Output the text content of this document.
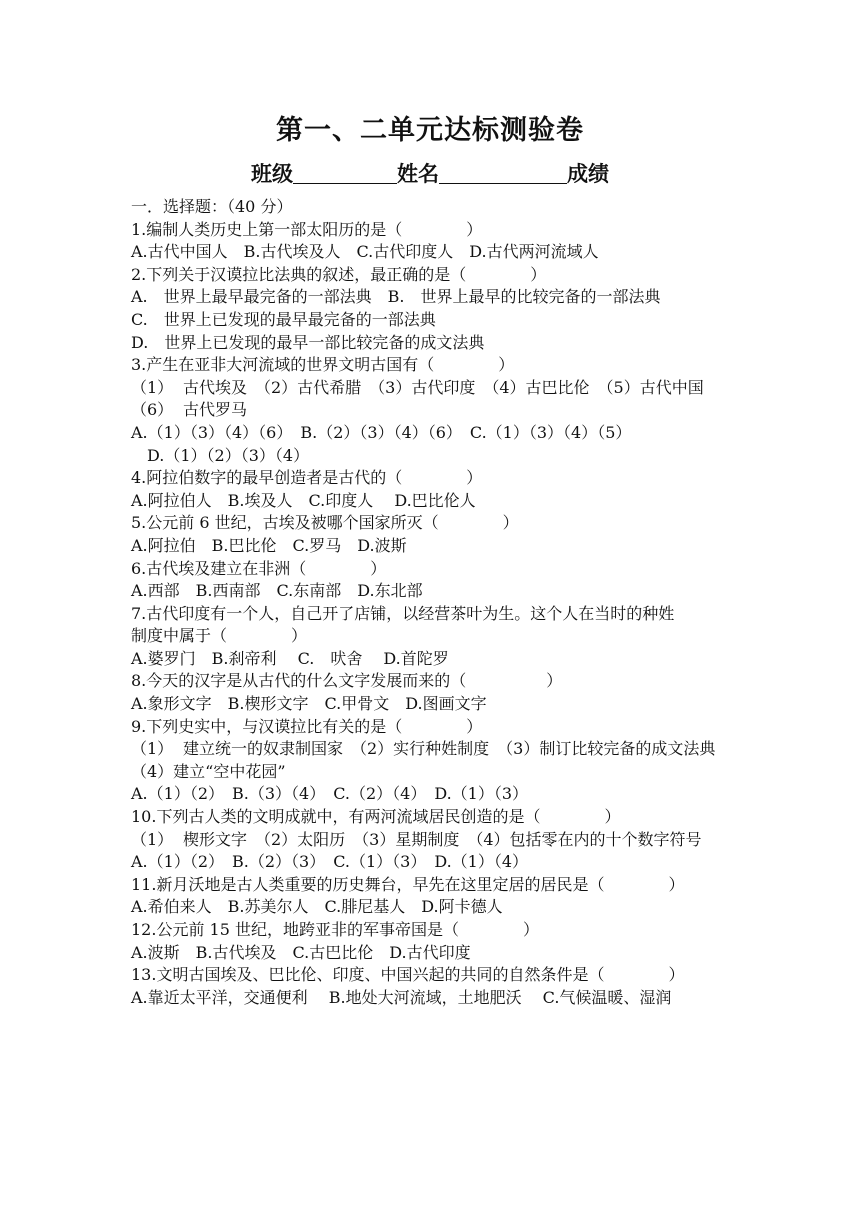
第一、二单元达标测验卷
班级	姓名	成绩
一．选择题：（40 分）
1.编制人类历史上第一部太阳历的是（　　　　）
A.古代中国人　B.古代埃及人　C.古代印度人　D.古代两河流域人
2.下列关于汉谟拉比法典的叙述，最正确的是（　　　　）
A.　世界上最早最完备的一部法典　B.　世界上最早的比较完备的一部法典
C.　世界上已发现的最早最完备的一部法典
D.　世界上已发现的最早一部比较完备的成文法典
3.产生在亚非大河流域的世界文明古国有（　　　　）
（1） 古代埃及　（2）古代希腊　（3）古代印度　（4）古巴比伦　（5）古代中国
（6） 古代罗马
A.（1）（3）（4）（6）　B.（2）（3）（4）（6）　C.（1）（3）（4）（5）
　D.（1）（2）（3）（4）
4.阿拉伯数字的最早创造者是古代的（　　　　）
A.阿拉伯人　B.埃及人　C.印度人　 D.巴比伦人
5.公元前 6 世纪，古埃及被哪个国家所灭（　　　　）
A.阿拉伯　B.巴比伦　C.罗马　D.波斯
6.古代埃及建立在非洲（　　　　）
A.西部　B.西南部　C.东南部　D.东北部
7.古代印度有一个人，自己开了店铺，以经营茶叶为生。这个人在当时的种姓
制度中属于（　　　　）
A.婆罗门　B.刹帝利　 C.　吠舍　 D.首陀罗
8.今天的汉字是从古代的什么文字发展而来的（　　　　　）
A.象形文字　B.楔形文字　C.甲骨文　D.图画文字
9.下列史实中，与汉谟拉比有关的是（　　　　）
（1） 建立统一的奴隶制国家　（2）实行种姓制度　（3）制订比较完备的成文法典
（4）建立“空中花园”
A.（1）（2）　B.（3）（4）　C.（2）（4）　D.（1）（3）
10.下列古人类的文明成就中，有两河流域居民创造的是（　　　　）
（1） 楔形文字　（2）太阳历　（3）星期制度　（4）包括零在内的十个数字符号
A.（1）（2）　B.（2）（3）　C.（1）（3）　D.（1）（4）
11.新月沃地是古人类重要的历史舞台，早先在这里定居的居民是（　　　　）
A.希伯来人　B.苏美尔人　C.腓尼基人　D.阿卡德人
12.公元前 15 世纪，地跨亚非的军事帝国是（　　　　）
A.波斯　B.古代埃及　C.古巴比伦　D.古代印度
13.文明古国埃及、巴比伦、印度、中国兴起的共同的自然条件是（　　　　）
A.靠近太平洋，交通便利　 B.地处大河流域，土地肥沃　 C.气候温暖、湿润
